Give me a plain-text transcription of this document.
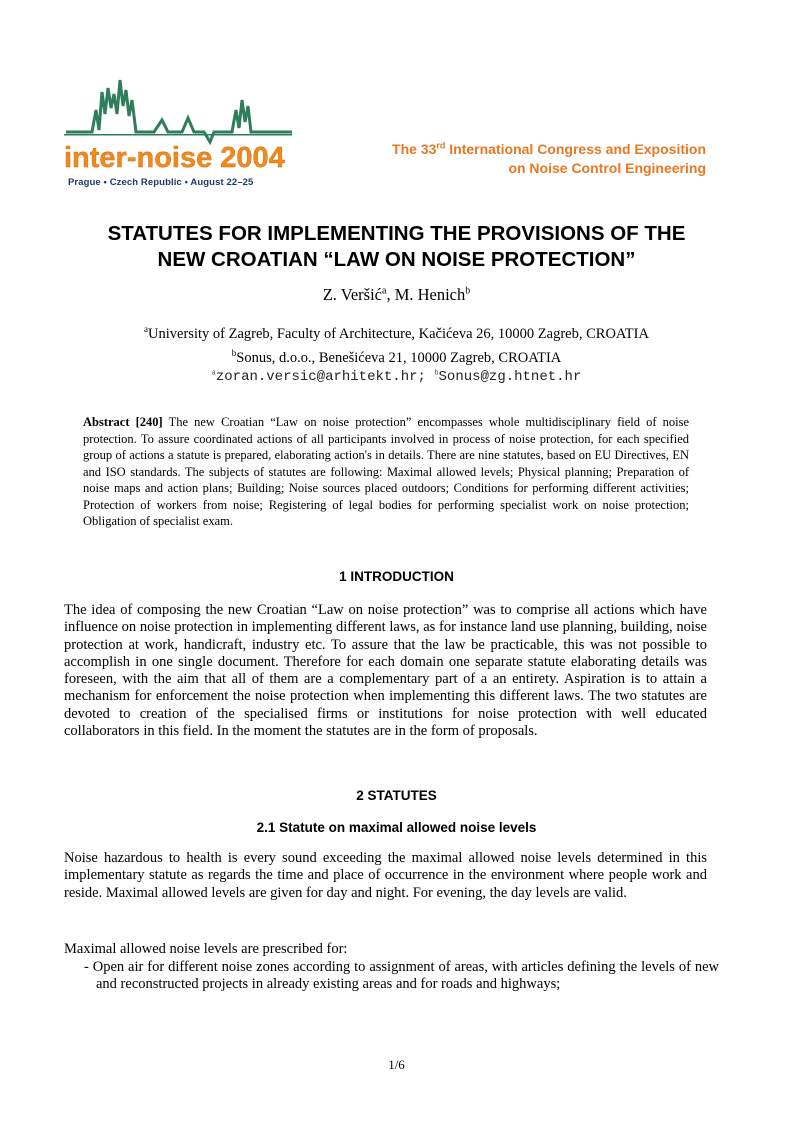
inter-noise 2004
Prague • Czech Republic • August 22–25
The 33rd International Congress and Exposition
on Noise Control Engineering
STATUTES FOR IMPLEMENTING THE PROVISIONS OF THE
NEW CROATIAN “LAW ON NOISE PROTECTION”
Z. Veršić$^a$, M. Henich$^b$
$^a$University of Zagreb, Faculty of Architecture, Kačićeva 26, 10000 Zagreb, CROATIA
$^b$Sonus, d.o.o., Benešićeva 21, 10000 Zagreb, CROATIA
$^a$zoran.versic@arhitekt.hr; $^b$Sonus@zg.htnet.hr

Abstract [240] The new Croatian “Law on noise protection” encompasses whole multidisciplinary field of noise protection. To assure coordinated actions of all participants involved in process of noise protection, for each specified group of actions a statute is prepared, elaborating action's in details. There are nine statutes, based on EU Directives, EN and ISO standards. The subjects of statutes are following: Maximal allowed levels; Physical planning; Preparation of noise maps and action plans; Building; Noise sources placed outdoors; Conditions for performing different activities; Protection of workers from noise; Registering of legal bodies for performing specialist work on noise protection; Obligation of specialist exam.

1 INTRODUCTION

The idea of composing the new Croatian “Law on noise protection” was to comprise all actions which have influence on noise protection in implementing different laws, as for instance land use planning, building, noise protection at work, handicraft, industry etc. To assure that the law be practicable, this was not possible to accomplish in one single document. Therefore for each domain one separate statute elaborating details was foreseen, with the aim that all of them are a complementary part of a an entirety. Aspiration is to attain a mechanism for enforcement the noise protection when implementing this different laws. The two statutes are devoted to creation of the specialised firms or institutions for noise protection with well educated collaborators in this field. In the moment the statutes are in the form of proposals.

2 STATUTES
2.1 Statute on maximal allowed noise levels

Noise hazardous to health is every sound exceeding the maximal allowed noise levels determined in this implementary statute as regards the time and place of occurrence in the environment where people work and reside. Maximal allowed levels are given for day and night. For evening, the day levels are valid.

Maximal allowed noise levels are prescribed for:

- Open air for different noise zones according to assignment of areas, with articles defining the levels of new and reconstructed projects in already existing areas and for roads and highways;

1/6
